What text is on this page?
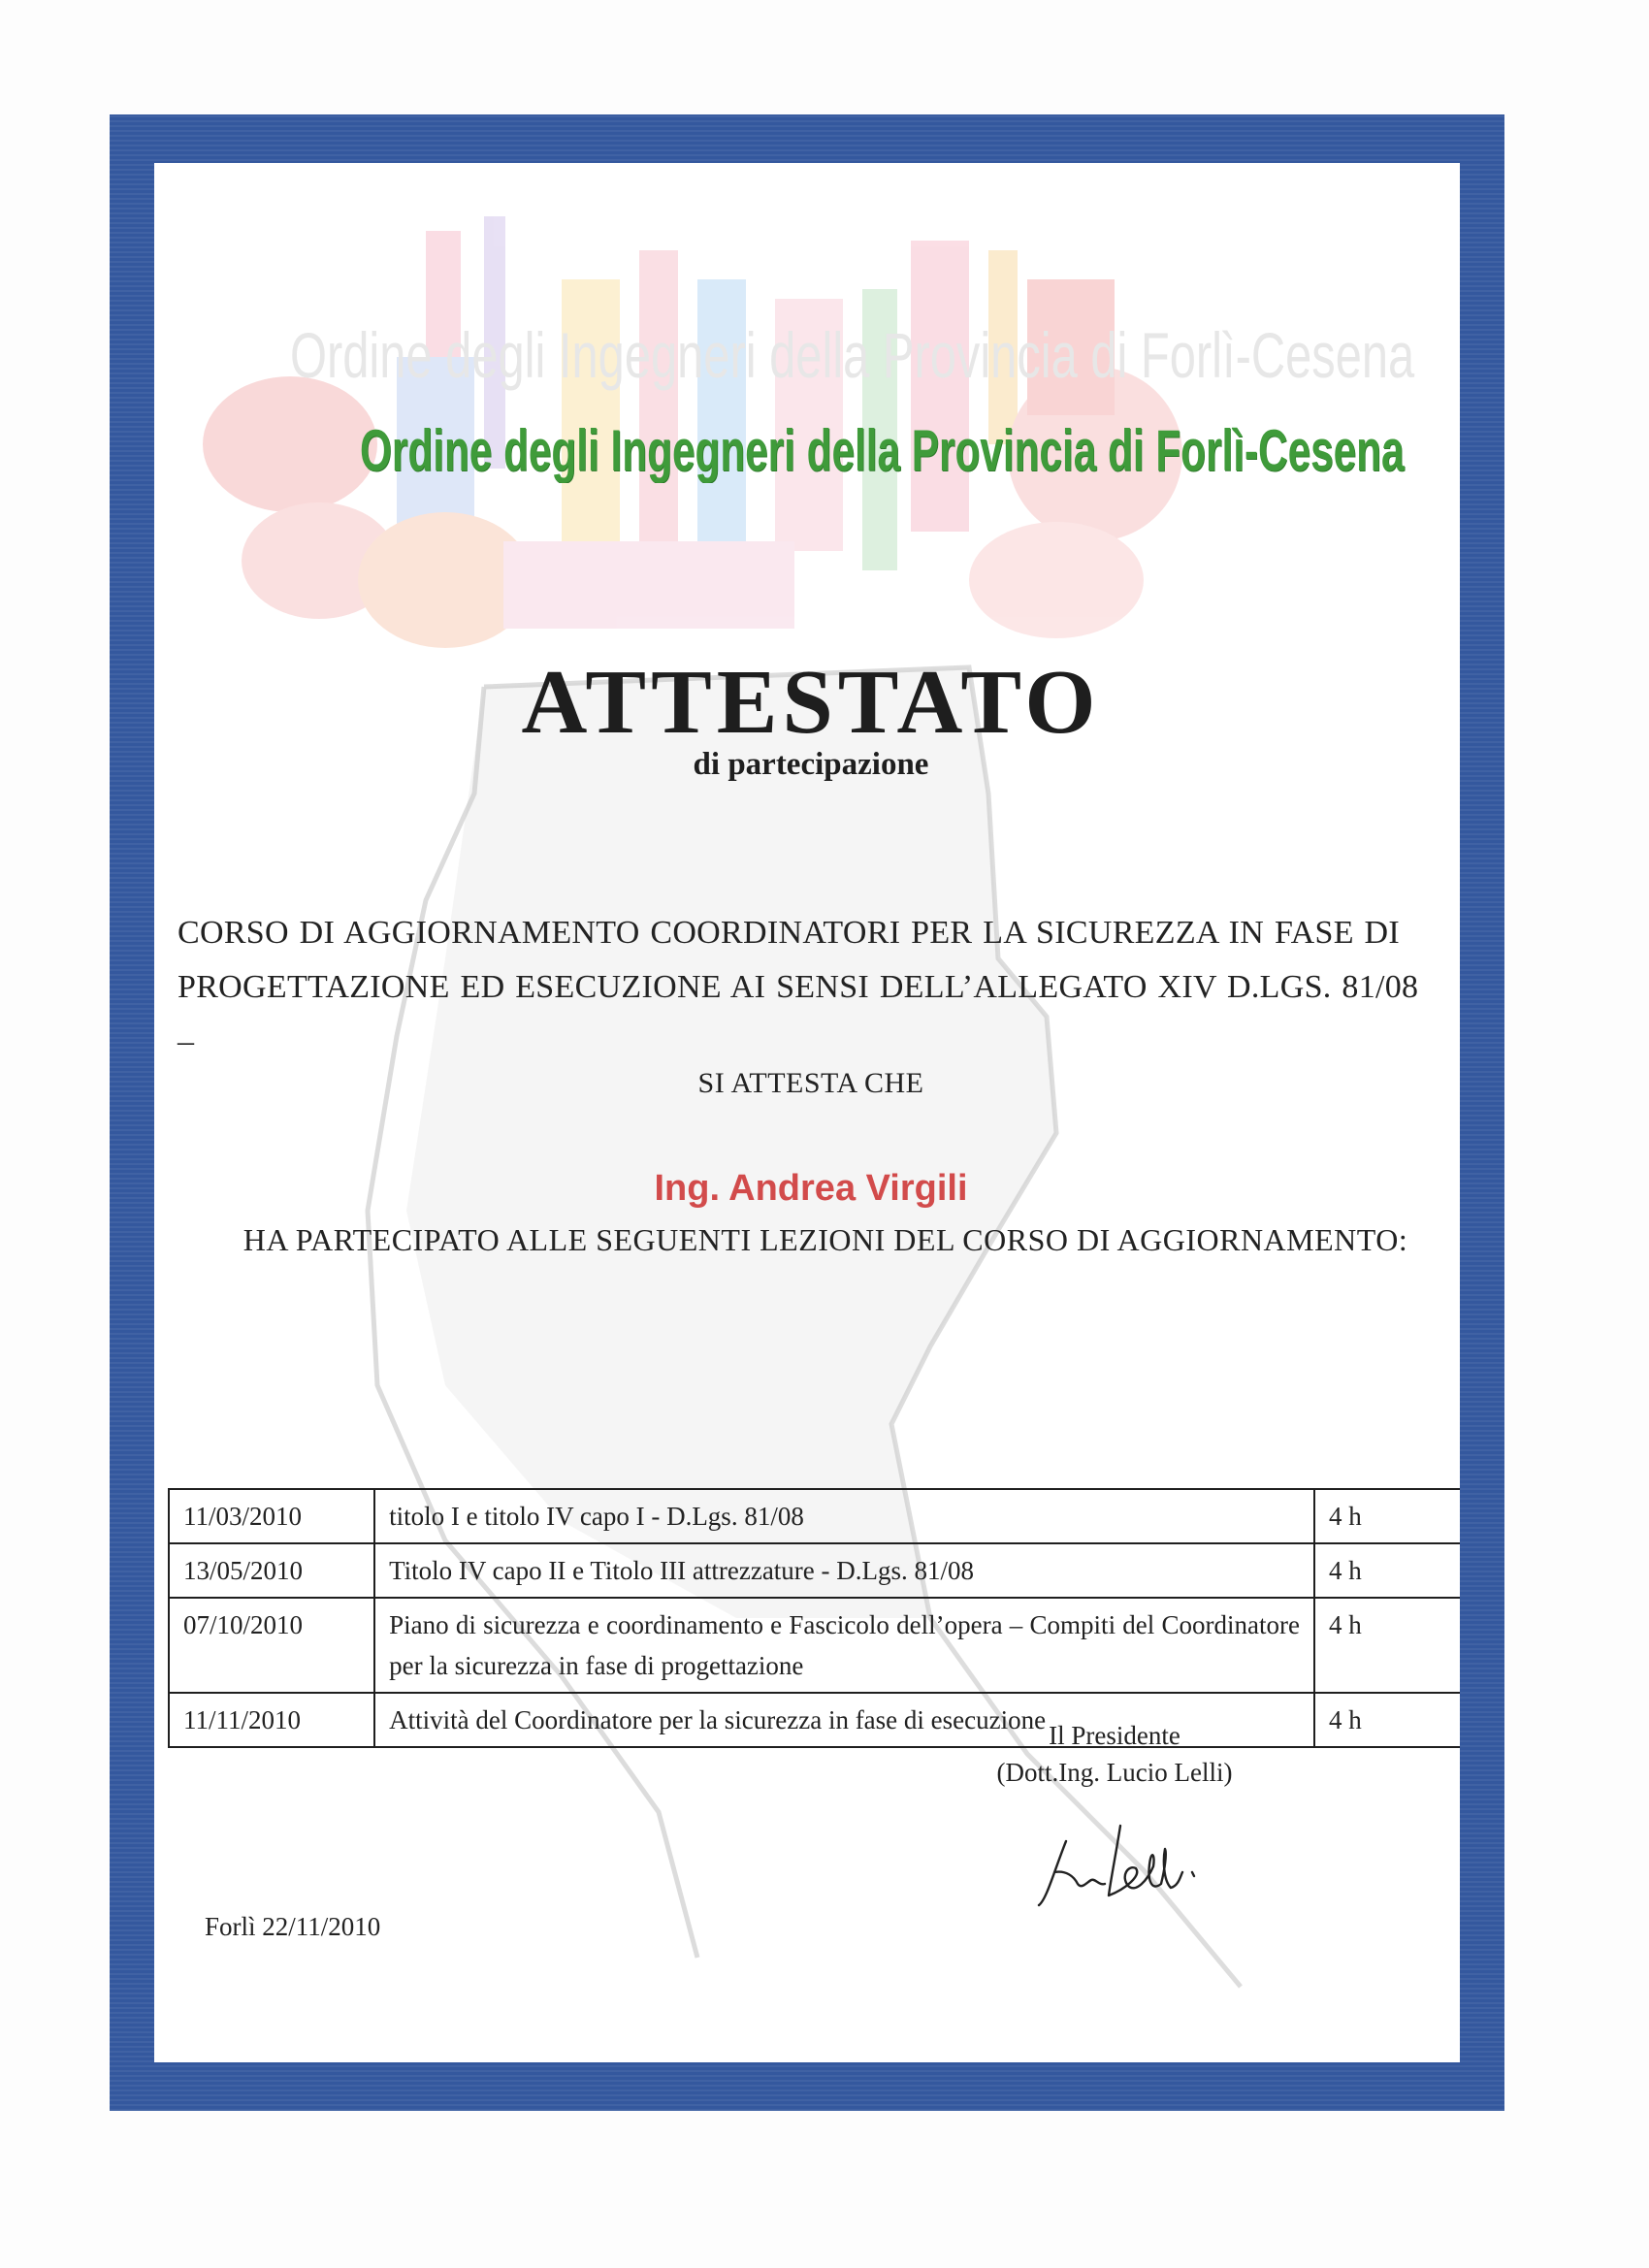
Ordine degli Ingegneri della Provincia di Forlì-Cesena
Ordine degli Ingegneri della Provincia di Forlì-Cesena
ATTESTATO
di partecipazione
CORSO DI AGGIORNAMENTO COORDINATORI PER LA SICUREZZA IN FASE DI
PROGETTAZIONE ED ESECUZIONE AI SENSI DELL’ALLEGATO XIV D.LGS. 81/08 –
SI ATTESTA CHE
Ing. Andrea Virgili
HA PARTECIPATO ALLE SEGUENTI LEZIONI DEL CORSO DI AGGIORNAMENTO:
11/03/2010	titolo I e titolo IV capo I - D.Lgs. 81/08	4 h
13/05/2010	Titolo IV capo II e Titolo III attrezzature - D.Lgs. 81/08	4 h
07/10/2010	Piano di sicurezza e coordinamento e Fascicolo dell’opera – Compiti del Coordinatore per la sicurezza in fase di progettazione	4 h
11/11/2010	Attività del Coordinatore per la sicurezza in fase di esecuzione	4 h
Il Presidente
(Dott.Ing. Lucio Lelli)
Forlì 22/11/2010
